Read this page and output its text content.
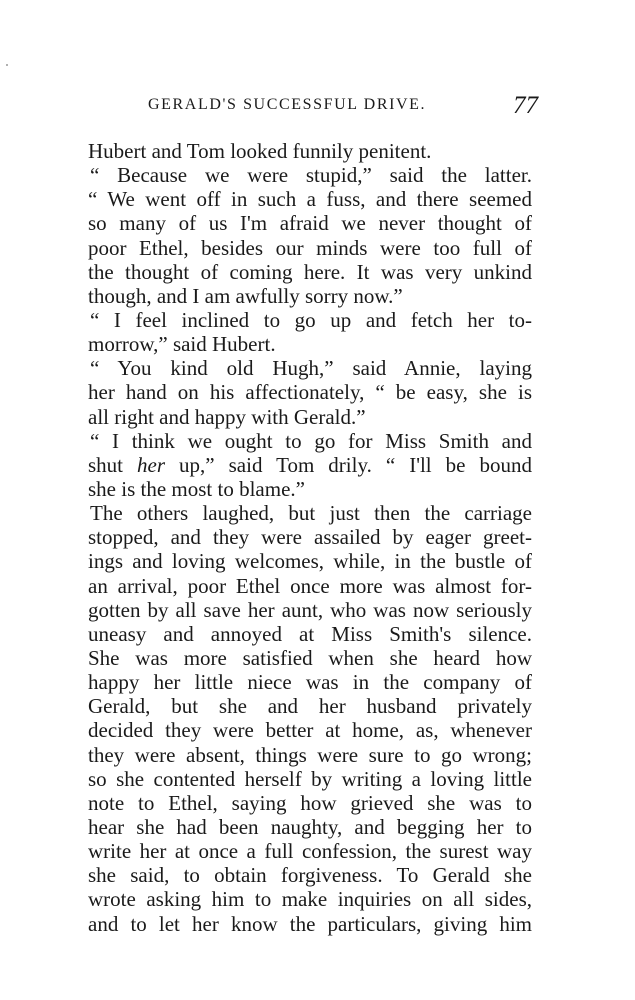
GERALD'S SUCCESSFUL DRIVE.	77
Hubert and Tom looked funnily penitent.
“ Because we were stupid,” said the latter.
“ We went off in such a fuss, and there seemed
so many of us I'm afraid we never thought of
poor Ethel, besides our minds were too full of
the thought of coming here. It was very unkind
though, and I am awfully sorry now.”
“ I feel inclined to go up and fetch her to-
morrow,” said Hubert.
“ You kind old Hugh,” said Annie, laying
her hand on his affectionately, “ be easy, she is
all right and happy with Gerald.”
“ I think we ought to go for Miss Smith and
shut her up,” said Tom drily. “ I'll be bound
she is the most to blame.”
The others laughed, but just then the carriage
stopped, and they were assailed by eager greet-
ings and loving welcomes, while, in the bustle of
an arrival, poor Ethel once more was almost for-
gotten by all save her aunt, who was now seriously
uneasy and annoyed at Miss Smith's silence.
She was more satisfied when she heard how
happy her little niece was in the company of
Gerald, but she and her husband privately
decided they were better at home, as, whenever
they were absent, things were sure to go wrong;
so she contented herself by writing a loving little
note to Ethel, saying how grieved she was to
hear she had been naughty, and begging her to
write her at once a full confession, the surest way
she said, to obtain forgiveness. To Gerald she
wrote asking him to make inquiries on all sides,
and to let her know the particulars, giving him
